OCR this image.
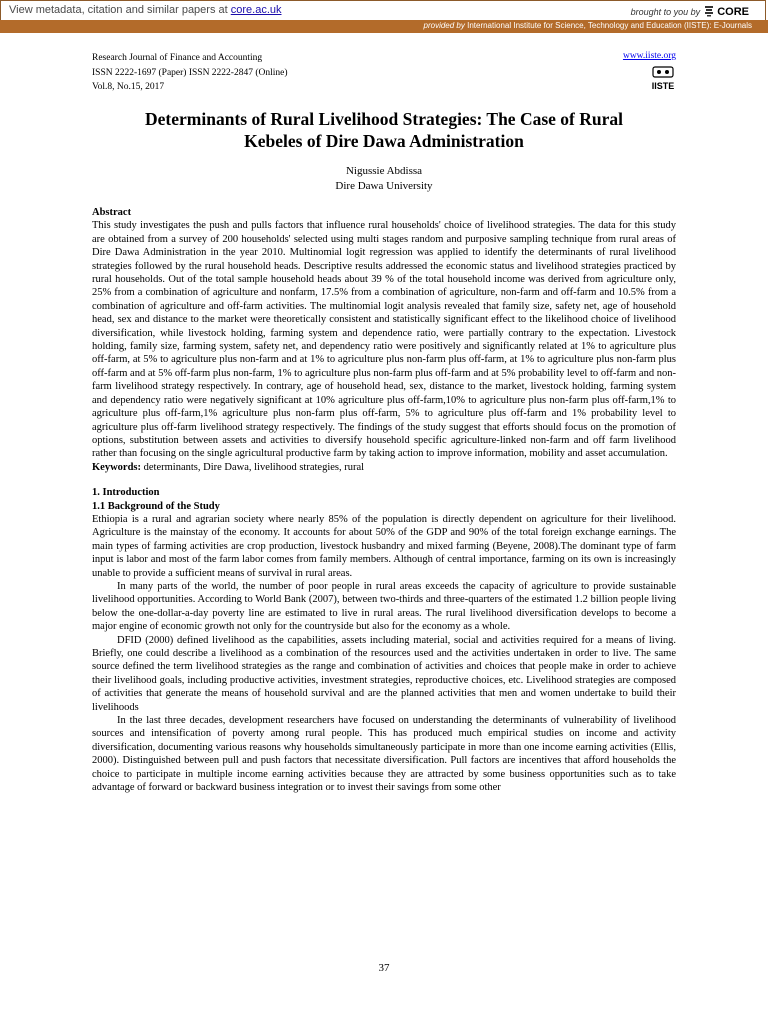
View metadata, citation and similar papers at core.ac.uk	brought to you by CORE
provided by International Institute for Science, Technology and Education (IISTE): E-Journals
Research Journal of Finance and Accounting
ISSN 2222-1697 (Paper) ISSN 2222-2847 (Online)
Vol.8, No.15, 2017
www.iiste.org
IISTE
Determinants of Rural Livelihood Strategies: The Case of Rural
Kebeles of Dire Dawa Administration
Nigussie Abdissa
Dire Dawa University

Abstract

This study investigates the push and pulls factors that influence rural households' choice of livelihood strategies. The data for this study are obtained from a survey of 200 households' selected using multi stages random and purposive sampling technique from rural areas of Dire Dawa Administration in the year 2010. Multinomial logit regression was applied to identify the determinants of rural livelihood strategies followed by the rural household heads. Descriptive results addressed the economic status and livelihood strategies practiced by rural households. Out of the total sample household heads about 39 % of the total household income was derived from agriculture only, 25% from a combination of agriculture and nonfarm, 17.5% from a combination of agriculture, non-farm and off-farm and 10.5% from a combination of agriculture and off-farm activities. The multinomial logit analysis revealed that family size, safety net, age of household head, sex and distance to the market were theoretically consistent and statistically significant effect to the likelihood choice of livelihood diversification, while livestock holding, farming system and dependence ratio, were partially contrary to the expectation. Livestock holding, family size, farming system, safety net, and dependency ratio were positively and significantly related at 1% to agriculture plus off-farm, at 5% to agriculture plus non-farm and at 1% to agriculture plus non-farm plus off-farm, at 1% to agriculture plus non-farm plus off-farm and at 5% off-farm plus non-farm, 1% to agriculture plus non-farm plus off-farm and at 5% probability level to off-farm and non-farm livelihood strategy respectively. In contrary, age of household head, sex, distance to the market, livestock holding, farming system and dependency ratio were negatively significant at 10% agriculture plus off-farm,10% to agriculture plus non-farm plus off-farm,1% to agriculture plus off-farm,1% agriculture plus non-farm plus off-farm, 5% to agriculture plus off-farm and 1% probability level to agriculture plus off-farm livelihood strategy respectively. The findings of the study suggest that efforts should focus on the promotion of options, substitution between assets and activities to diversify household specific agriculture-linked non-farm and off farm livelihood rather than focusing on the single agricultural productive farm by taking action to improve information, mobility and asset accumulation.

Keywords: determinants, Dire Dawa, livelihood strategies, rural

1. Introduction

1.1 Background of the Study

Ethiopia is a rural and agrarian society where nearly 85% of the population is directly dependent on agriculture for their livelihood. Agriculture is the mainstay of the economy. It accounts for about 50% of the GDP and 90% of the total foreign exchange earnings. The main types of farming activities are crop production, livestock husbandry and mixed farming (Beyene, 2008).The dominant type of farm input is labor and most of the farm labor comes from family members. Although of central importance, farming on its own is increasingly unable to provide a sufficient means of survival in rural areas.

In many parts of the world, the number of poor people in rural areas exceeds the capacity of agriculture to provide sustainable livelihood opportunities. According to World Bank (2007), between two-thirds and three-quarters of the estimated 1.2 billion people living below the one-dollar-a-day poverty line are estimated to live in rural areas. The rural livelihood diversification develops to become a major engine of economic growth not only for the countryside but also for the economy as a whole.

DFID (2000) defined livelihood as the capabilities, assets including material, social and activities required for a means of living. Briefly, one could describe a livelihood as a combination of the resources used and the activities undertaken in order to live. The same source defined the term livelihood strategies as the range and combination of activities and choices that people make in order to achieve their livelihood goals, including productive activities, investment strategies, reproductive choices, etc. Livelihood strategies are composed of activities that generate the means of household survival and are the planned activities that men and women undertake to build their livelihoods

In the last three decades, development researchers have focused on understanding the determinants of vulnerability of livelihood sources and intensification of poverty among rural people. This has produced much empirical studies on income and activity diversification, documenting various reasons why households simultaneously participate in more than one income earning activities (Ellis, 2000). Distinguished between pull and push factors that necessitate diversification. Pull factors are incentives that afford households the choice to participate in multiple income earning activities because they are attracted by some business opportunities such as to take advantage of forward or backward business integration or to invest their savings from some other

37
